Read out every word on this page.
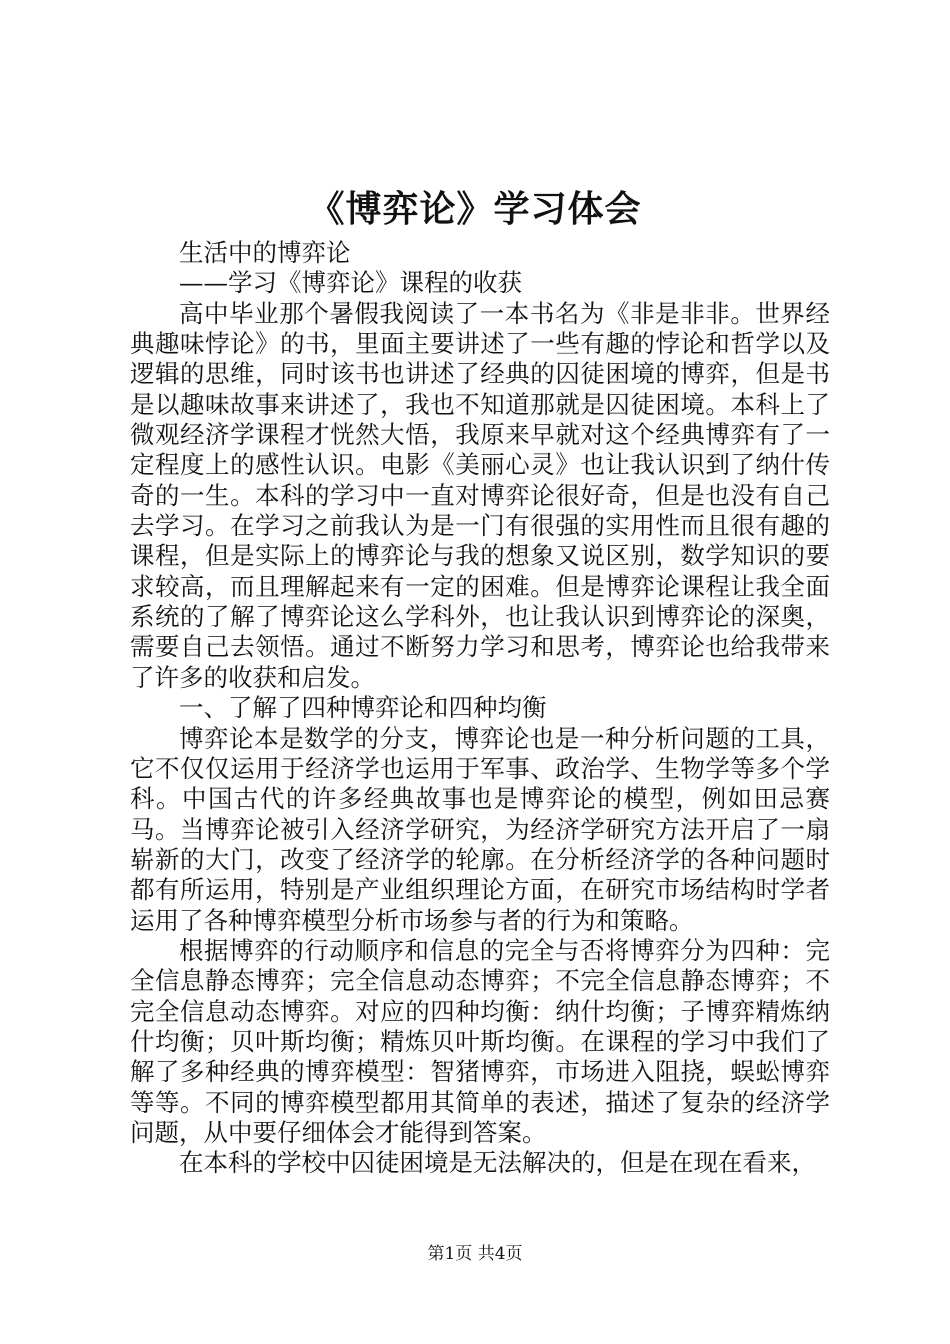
《博弈论》学习体会

生活中的博弈论

——学习《博弈论》课程的收获

高中毕业那个暑假我阅读了一本书名为《非是非非。世界经典趣味悖论》的书，里面主要讲述了一些有趣的悖论和哲学以及逻辑的思维，同时该书也讲述了经典的囚徒困境的博弈，但是书是以趣味故事来讲述了，我也不知道那就是囚徒困境。本科上了微观经济学课程才恍然大悟，我原来早就对这个经典博弈有了一定程度上的感性认识。电影《美丽心灵》也让我认识到了纳什传奇的一生。本科的学习中一直对博弈论很好奇，但是也没有自己去学习。在学习之前我认为是一门有很强的实用性而且很有趣的课程，但是实际上的博弈论与我的想象又说区别，数学知识的要求较高，而且理解起来有一定的困难。但是博弈论课程让我全面系统的了解了博弈论这么学科外，也让我认识到博弈论的深奥，需要自己去领悟。通过不断努力学习和思考，博弈论也给我带来了许多的收获和启发。

一、了解了四种博弈论和四种均衡

博弈论本是数学的分支，博弈论也是一种分析问题的工具，它不仅仅运用于经济学也运用于军事、政治学、生物学等多个学科。中国古代的许多经典故事也是博弈论的模型，例如田忌赛马。当博弈论被引入经济学研究，为经济学研究方法开启了一扇崭新的大门，改变了经济学的轮廓。在分析经济学的各种问题时都有所运用，特别是产业组织理论方面，在研究市场结构时学者运用了各种博弈模型分析市场参与者的行为和策略。

根据博弈的行动顺序和信息的完全与否将博弈分为四种：完全信息静态博弈；完全信息动态博弈；不完全信息静态博弈；不完全信息动态博弈。对应的四种均衡：纳什均衡；子博弈精炼纳什均衡；贝叶斯均衡；精炼贝叶斯均衡。在课程的学习中我们了解了多种经典的博弈模型：智猪博弈，市场进入阻挠，蜈蚣博弈等等。不同的博弈模型都用其简单的表述，描述了复杂的经济学问题，从中要仔细体会才能得到答案。

在本科的学校中囚徒困境是无法解决的，但是在现在看来，

第1页 共4页
